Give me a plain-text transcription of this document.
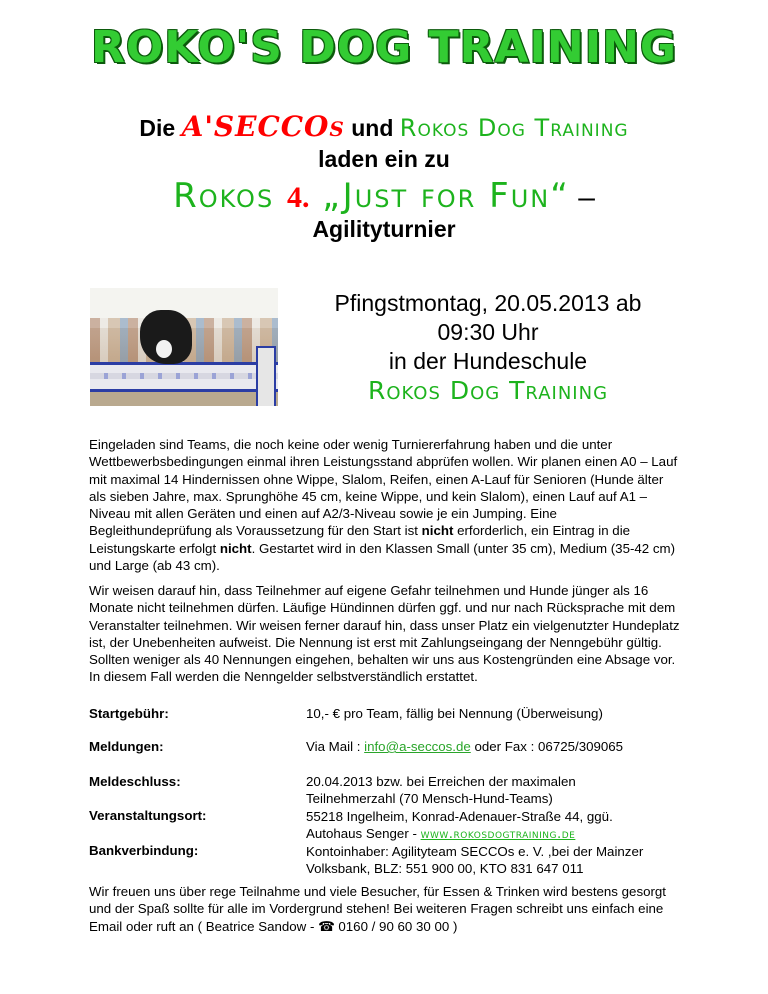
ROKO'S DOG TRAINING
Die A'SECCOs und Rokos Dog Training
laden ein zu
Rokos 4. „Just for Fun“ –
Agilityturnier
Pfingstmontag, 20.05.2013 ab
09:30 Uhr
in der Hundeschule
Rokos Dog Training
Eingeladen sind Teams, die noch keine oder wenig Turniererfahrung haben und die unter Wettbewerbsbedingungen einmal ihren Leistungsstand abprüfen wollen. Wir planen einen A0 – Lauf mit maximal 14 Hindernissen ohne Wippe, Slalom, Reifen, einen A-Lauf für Senioren (Hunde älter als sieben Jahre, max. Sprunghöhe 45 cm, keine Wippe, und kein Slalom), einen Lauf auf A1 – Niveau mit allen Geräten und einen auf A2/3-Niveau sowie je ein Jumping. Eine Begleithundeprüfung als Voraussetzung für den Start ist nicht erforderlich, ein Eintrag in die Leistungskarte erfolgt nicht. Gestartet wird in den Klassen Small (unter 35 cm), Medium (35-42 cm) und Large (ab 43 cm).
Wir weisen darauf hin, dass Teilnehmer auf eigene Gefahr teilnehmen und Hunde jünger als 16 Monate nicht teilnehmen dürfen. Läufige Hündinnen dürfen ggf. und nur nach Rücksprache mit dem Veranstalter teilnehmen. Wir weisen ferner darauf hin, dass unser Platz ein vielgenutzter Hundeplatz ist, der Unebenheiten aufweist. Die Nennung ist erst mit Zahlungseingang der Nenngebühr gültig. Sollten weniger als 40 Nennungen eingehen, behalten wir uns aus Kostengründen eine Absage vor. In diesem Fall werden die Nenngelder selbstverständlich erstattet.
Startgebühr:	10,- € pro Team, fällig bei Nennung (Überweisung)
Meldungen:	Via Mail : info@a-seccos.de oder Fax : 06725/309065
Meldeschluss:
Veranstaltungsort:
Bankverbindung:
20.04.2013 bzw. bei Erreichen der maximalen
Teilnehmerzahl (70 Mensch-Hund-Teams)
55218 Ingelheim, Konrad-Adenauer-Straße 44, ggü.
Autohaus Senger - www.rokosdogtraining.de
Kontoinhaber: Agilityteam SECCOs e. V. ,bei der Mainzer
Volksbank, BLZ: 551 900 00, KTO 831 647 011
Wir freuen uns über rege Teilnahme und viele Besucher, für Essen & Trinken wird bestens gesorgt und der Spaß sollte für alle im Vordergrund stehen! Bei weiteren Fragen schreibt uns einfach eine Email oder ruft an ( Beatrice Sandow - ☎ 0160 / 90 60 30 00 )
